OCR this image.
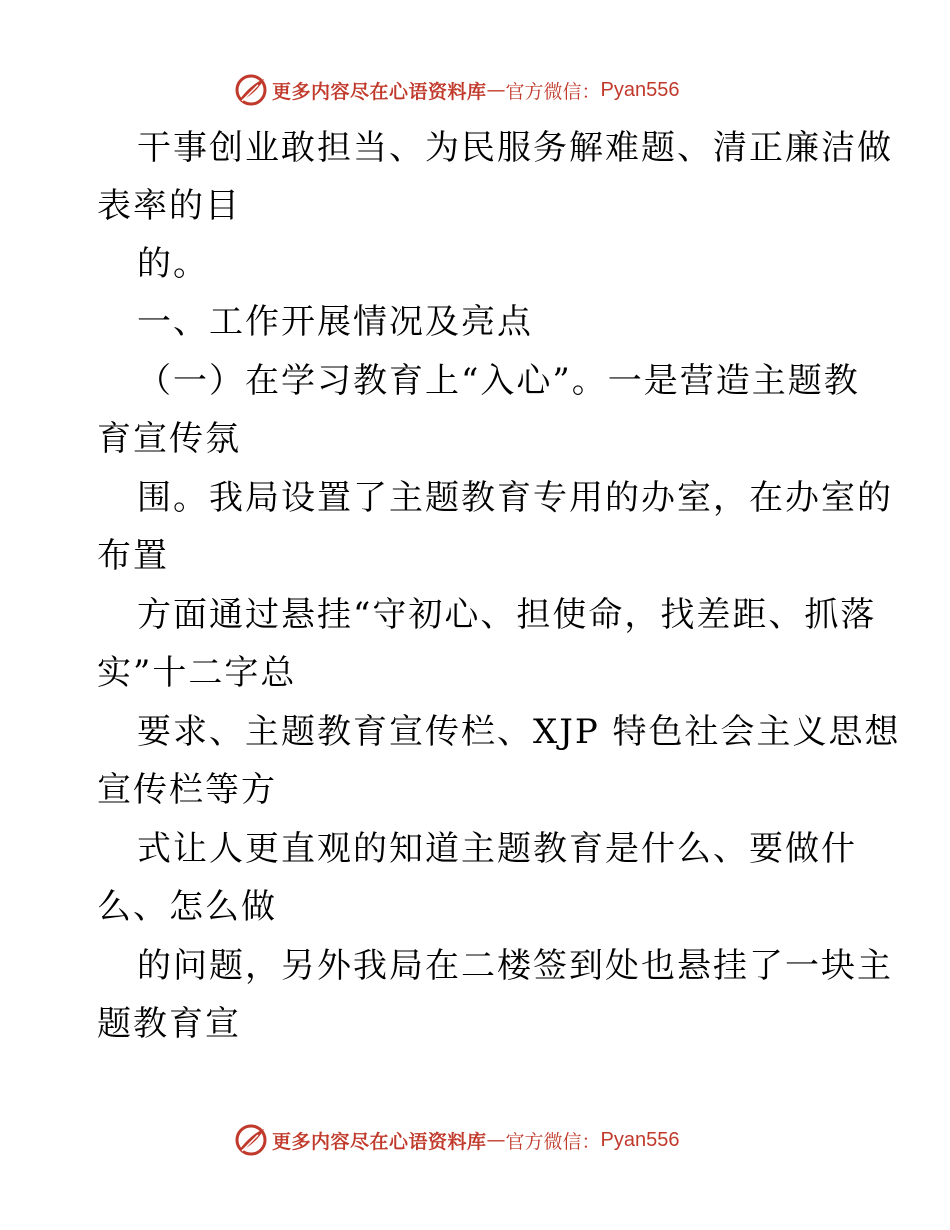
更多内容尽在心语资料库 — 官方微信： Pyan556
干事创业敢担当、为民服务解难题、清正廉洁做
表率的目
的。
一、工作开展情况及亮点
（一）在学习教育上“入心”。一是营造主题教
育宣传氛
围。我局设置了主题教育专用的办室，在办室的
布置
方面通过悬挂“守初心、担使命，找差距、抓落
实”十二字总
要求、主题教育宣传栏、XJP 特色社会主义思想
宣传栏等方
式让人更直观的知道主题教育是什么、要做什
么、怎么做
的问题，另外我局在二楼签到处也悬挂了一块主
题教育宣
更多内容尽在心语资料库 — 官方微信： Pyan556
